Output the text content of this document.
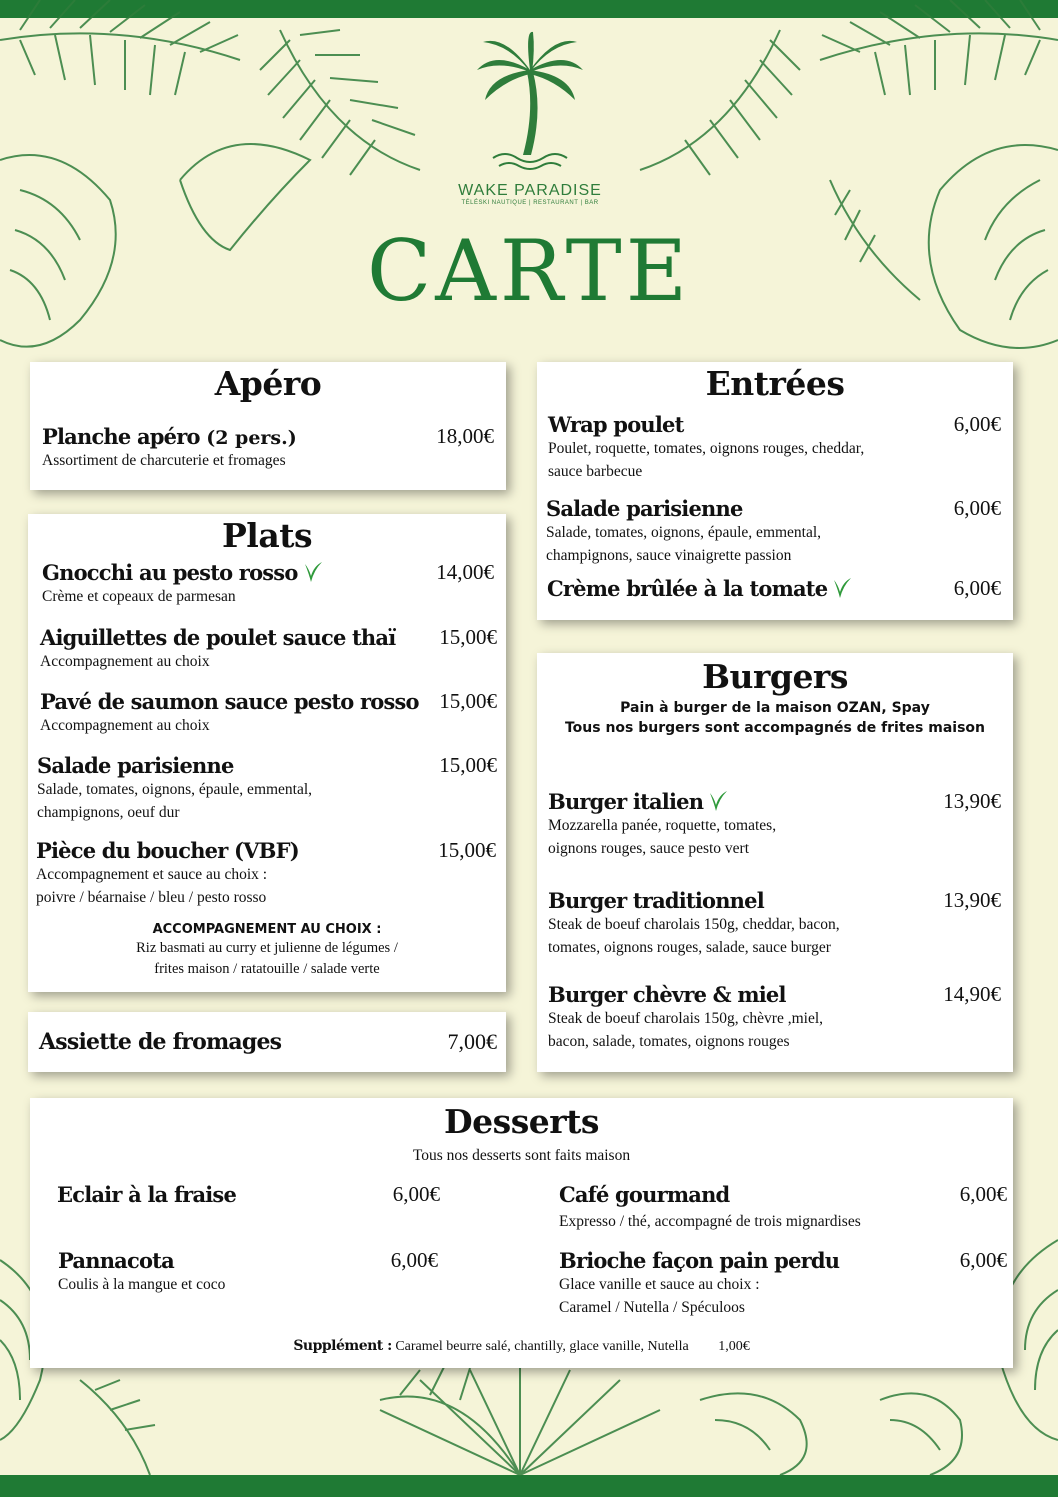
WAKE PARADISE
TÉLÉSKI NAUTIQUE | RESTAURANT | BAR
CARTE
Apéro
Planche apéro (2 pers.)	18,00€
Assortiment de charcuterie et fromages
Plats
Gnocchi au pesto rosso	14,00€
Crème et copeaux de parmesan
Aiguillettes de poulet sauce thaï	15,00€
Accompagnement au choix
Pavé de saumon sauce pesto rosso 15,00€
Accompagnement au choix
Salade parisienne	15,00€
Salade, tomates, oignons, épaule, emmental,
champignons, oeuf dur
Pièce du boucher (VBF)	15,00€
Accompagnement et sauce au choix :
poivre / béarnaise / bleu / pesto rosso
ACCOMPAGNEMENT AU CHOIX :
Riz basmati au curry et julienne de légumes /
frites maison / ratatouille / salade verte
Assiette de fromages	7,00€
Entrées
Wrap poulet	6,00€
Poulet, roquette, tomates, oignons rouges, cheddar,
sauce barbecue
Salade parisienne	6,00€
Salade, tomates, oignons, épaule, emmental,
champignons, sauce vinaigrette passion
Crème brûlée à la tomate	6,00€
Burgers
Pain à burger de la maison OZAN, Spay
Tous nos burgers sont accompagnés de frites maison
Burger italien	13,90€
Mozzarella panée, roquette, tomates,
oignons rouges, sauce pesto vert
Burger traditionnel	13,90€
Steak de boeuf charolais 150g, cheddar, bacon,
tomates, oignons rouges, salade, sauce burger
Burger chèvre & miel	14,90€
Steak de boeuf charolais 150g, chèvre ,miel,
bacon, salade, tomates, oignons rouges
Desserts
Tous nos desserts sont faits maison
Eclair à la fraise	6,00€
Pannacota	6,00€
Coulis à la mangue et coco
Café gourmand	6,00€
Expresso / thé, accompagné de trois mignardises
Brioche façon pain perdu	6,00€
Glace vanille et sauce au choix :
Caramel / Nutella / Spéculoos
Supplément : Caramel beurre salé, chantilly, glace vanille, Nutella 1,00€
